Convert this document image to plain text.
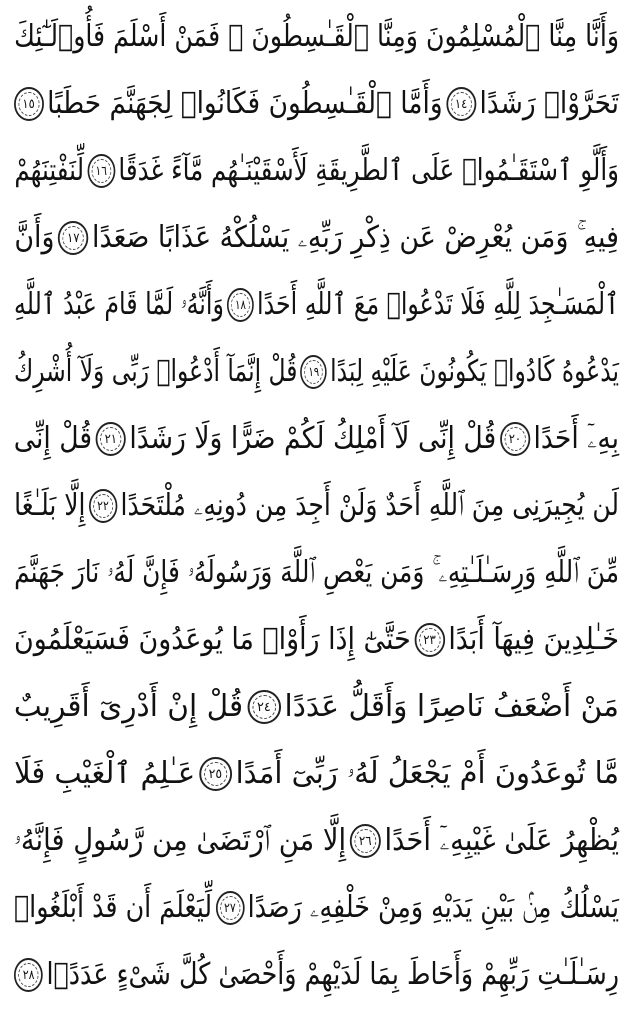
وَأَنَّا مِنَّا ٱلْمُسْلِمُونَ وَمِنَّا ٱلْقَـٰسِطُونَ ۖ فَمَنْ أَسْلَمَ فَأُو۟لَـٰٓئِكَ
تَحَرَّوْا۟ رَشَدًا
١٤
وَأَمَّا ٱلْقَـٰسِطُونَ فَكَانُوا۟ لِجَهَنَّمَ حَطَبًا
١٥
وَأَلَّوِ ٱسْتَقَـٰمُوا۟ عَلَى ٱلطَّرِيقَةِ لَأَسْقَيْنَـٰهُم مَّآءً غَدَقًا
١٦
لِّنَفْتِنَهُمْ
فِيهِ ۚ وَمَن يُعْرِضْ عَن ذِكْرِ رَبِّهِۦ يَسْلُكْهُ عَذَابًا صَعَدًا
١٧
وَأَنَّ
ٱلْمَسَـٰجِدَ لِلَّهِ فَلَا تَدْعُوا۟ مَعَ ٱللَّهِ أَحَدًا
١٨
وَأَنَّهُۥ لَمَّا قَامَ عَبْدُ ٱللَّهِ
يَدْعُوهُ كَادُوا۟ يَكُونُونَ عَلَيْهِ لِبَدًا
١٩
قُلْ إِنَّمَآ أَدْعُوا۟ رَبِّى وَلَآ أُشْرِكُ
بِهِۦٓ أَحَدًا
٢٠
قُلْ إِنِّى لَآ أَمْلِكُ لَكُمْ ضَرًّا وَلَا رَشَدًا
٢١
قُلْ إِنِّى
لَن يُجِيرَنِى مِنَ ٱللَّهِ أَحَدٌ وَلَنْ أَجِدَ مِن دُونِهِۦ مُلْتَحَدًا
٢٢
إِلَّا بَلَـٰغًا
مِّنَ ٱللَّهِ وَرِسَـٰلَـٰتِهِۦ ۚ وَمَن يَعْصِ ٱللَّهَ وَرَسُولَهُۥ فَإِنَّ لَهُۥ نَارَ جَهَنَّمَ
خَـٰلِدِينَ فِيهَآ أَبَدًا
٢٣
حَتَّىٰٓ إِذَا رَأَوْا۟ مَا يُوعَدُونَ فَسَيَعْلَمُونَ
مَنْ أَضْعَفُ نَاصِرًا وَأَقَلُّ عَدَدًا
٢٤
قُلْ إِنْ أَدْرِىٓ أَقَرِيبٌ
مَّا تُوعَدُونَ أَمْ يَجْعَلُ لَهُۥ رَبِّىٓ أَمَدًا
٢٥
عَـٰلِمُ ٱلْغَيْبِ فَلَا
يُظْهِرُ عَلَىٰ غَيْبِهِۦٓ أَحَدًا
٢٦
إِلَّا مَنِ ٱرْتَضَىٰ مِن رَّسُولٍ فَإِنَّهُۥ
يَسْلُكُ مِنۢ بَيْنِ يَدَيْهِ وَمِنْ خَلْفِهِۦ رَصَدًا
٢٧
لِّيَعْلَمَ أَن قَدْ أَبْلَغُوا۟
رِسَـٰلَـٰتِ رَبِّهِمْ وَأَحَاطَ بِمَا لَدَيْهِمْ وَأَحْصَىٰ كُلَّ شَىْءٍ عَدَدًۢا
٢٨
